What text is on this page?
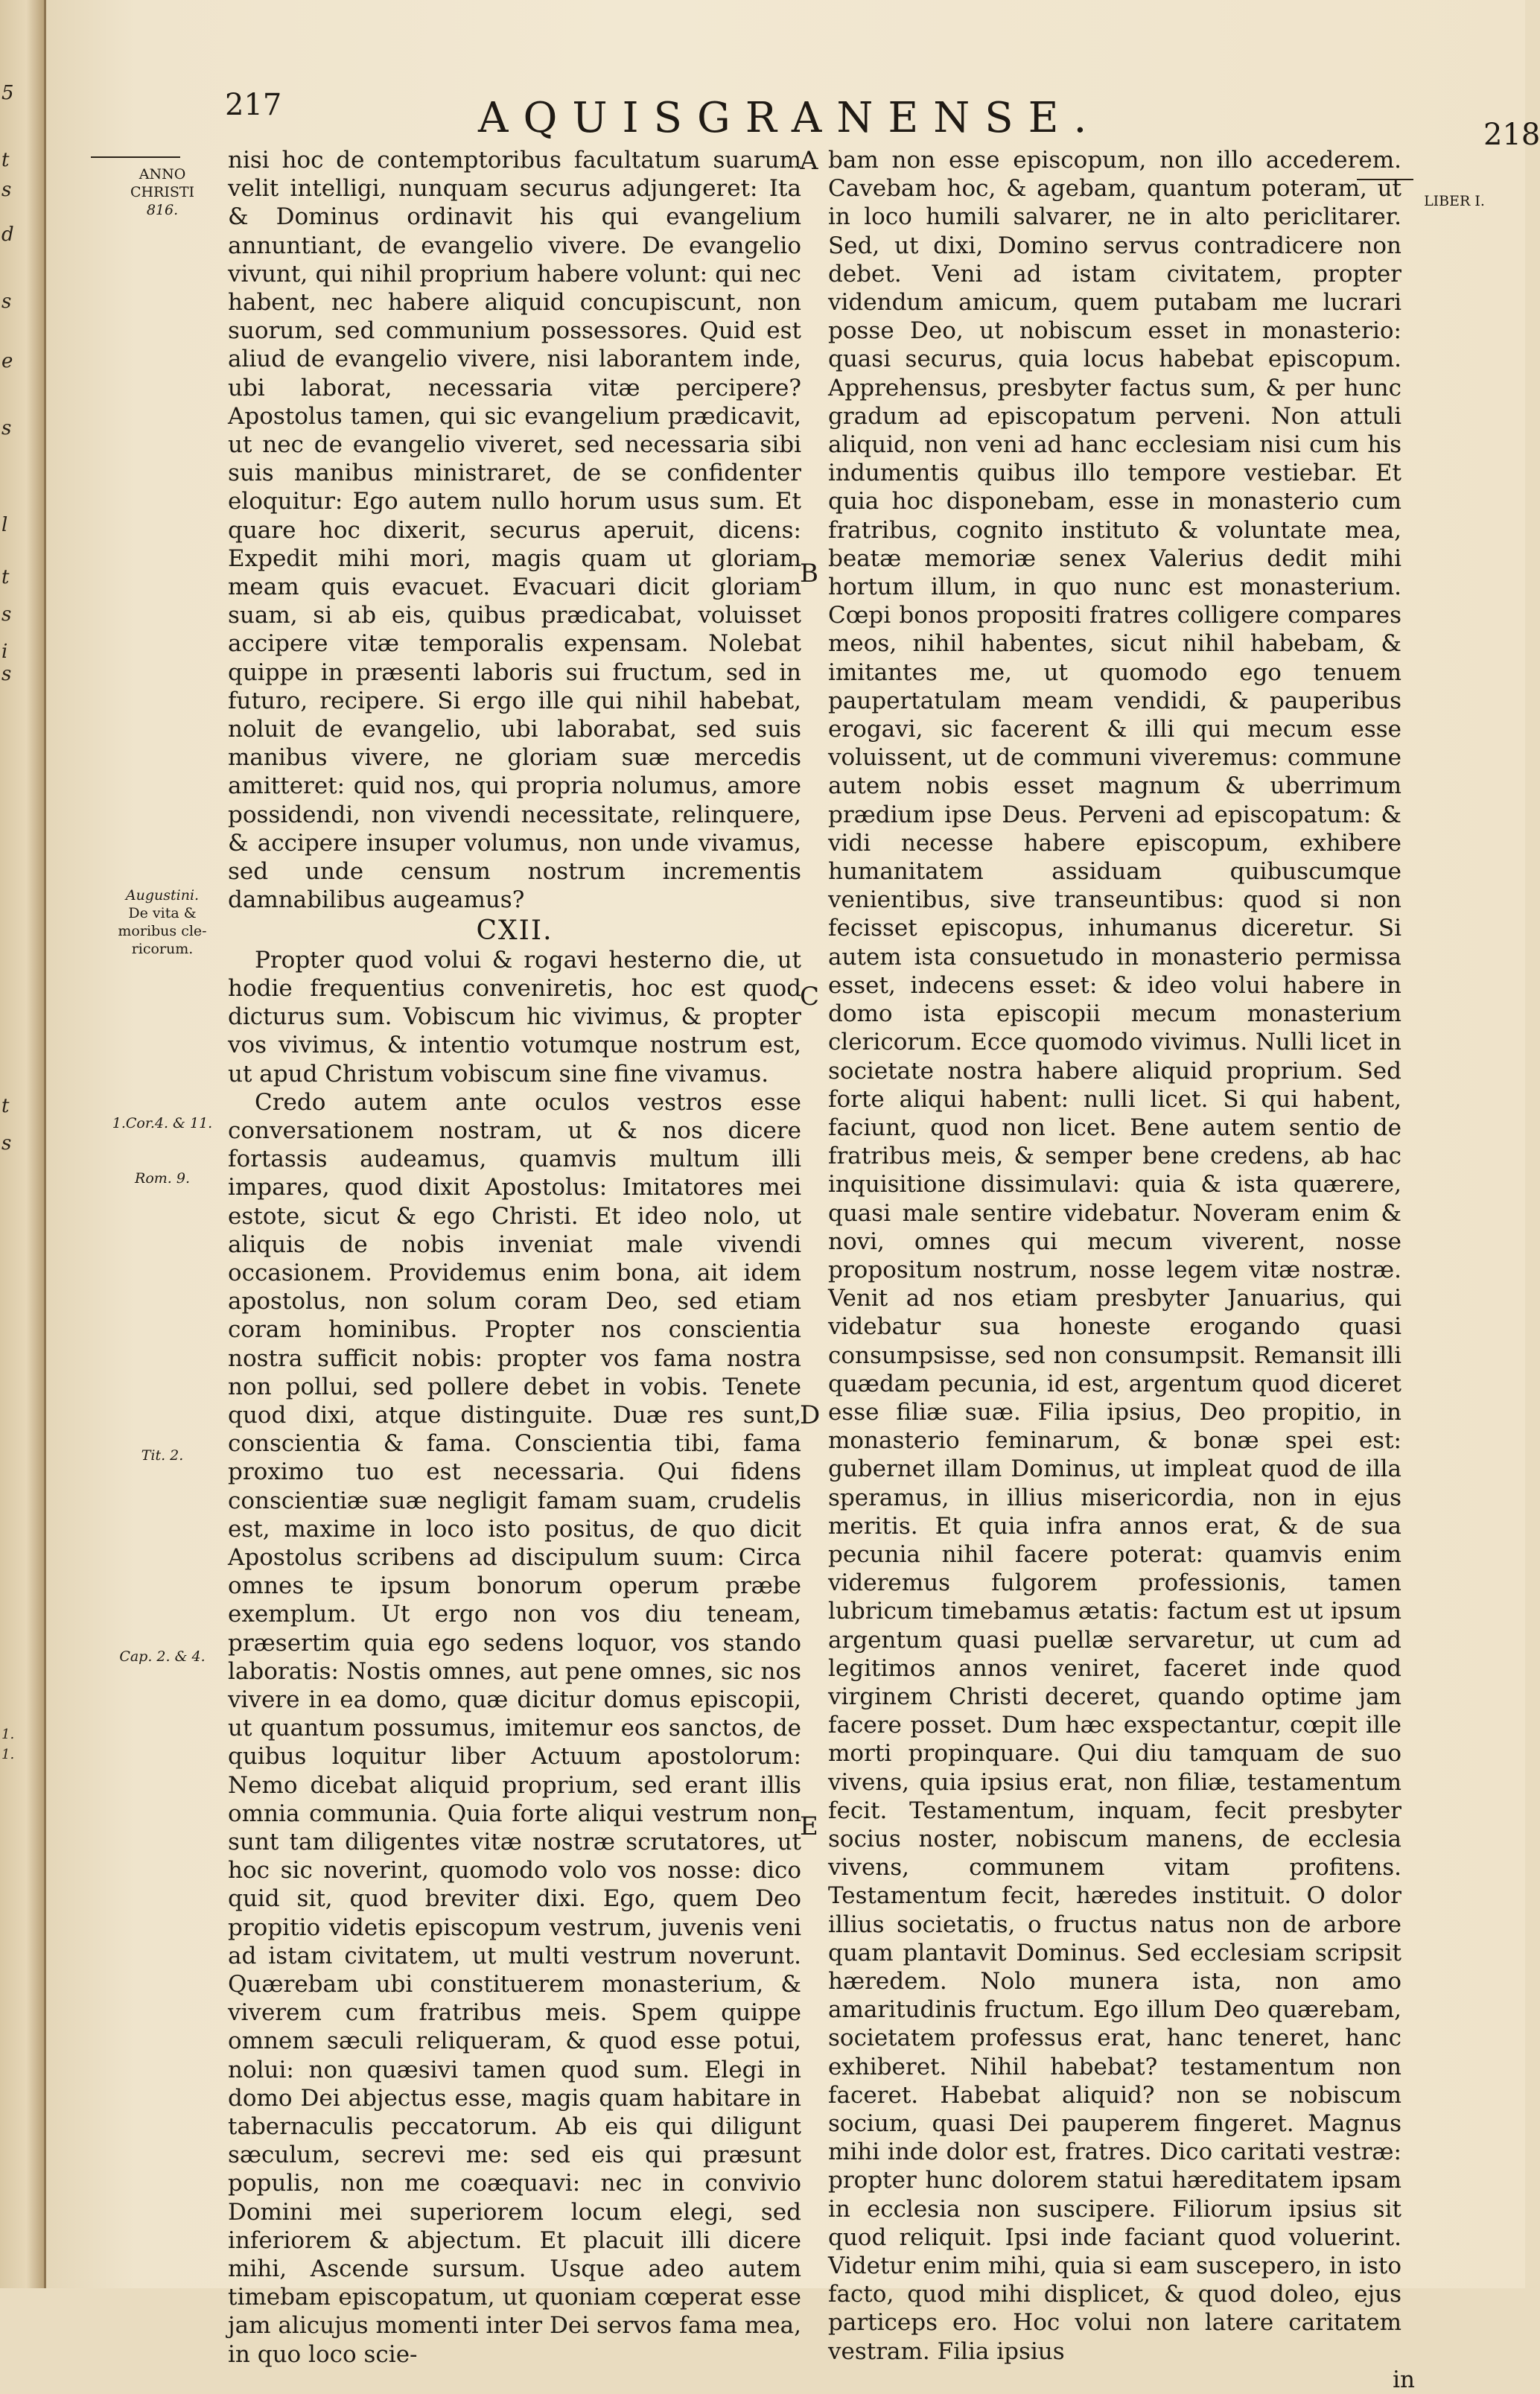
5
t
s
d
s
e
s
l
t
s
i
s
t
s
1.
1.
217	AQUISGRANENSE.	218
ANNO
CHRISTI
816.
Augustini.
De vita &
moribus cle-
ricorum.
1.Cor.4. & 11.
Rom. 9.
Tit. 2.
Cap. 2. & 4.
LIBER I.
A
B
C
D
E

nisi hoc de contemptoribus facultatum suarum velit intelligi, nunquam securus adjungeret: Ita & Dominus ordinavit his qui evangelium annuntiant, de evangelio vivere. De evangelio vivunt, qui nihil proprium habere volunt: qui nec habent, nec habere aliquid concupiscunt, non suorum, sed communium possessores. Quid est aliud de evangelio vivere, nisi laborantem inde, ubi laborat, necessaria vitæ percipere? Apostolus tamen, qui sic evangelium prædicavit, ut nec de evangelio viveret, sed necessaria sibi suis manibus ministraret, de se confidenter eloquitur: Ego autem nullo horum usus sum. Et quare hoc dixerit, securus aperuit, dicens: Expedit mihi mori, magis quam ut gloriam meam quis evacuet. Evacuari dicit gloriam suam, si ab eis, quibus prædicabat, voluisset accipere vitæ temporalis expensam. Nolebat quippe in præsenti laboris sui fructum, sed in futuro, recipere. Si ergo ille qui nihil habebat, noluit de evangelio, ubi laborabat, sed suis manibus vivere, ne gloriam suæ mercedis amitteret: quid nos, qui propria nolumus, amore possidendi, non vivendi necessitate, relinquere, & accipere insuper volumus, non unde vivamus, sed unde censum nostrum incrementis damnabilibus augeamus?

CXII.

Propter quod volui & rogavi hesterno die, ut hodie frequentius conveniretis, hoc est quod dicturus sum. Vobiscum hic vivimus, & propter vos vivimus, & intentio votumque nostrum est, ut apud Christum vobiscum sine fine vivamus.

Credo autem ante oculos vestros esse conversationem nostram, ut & nos dicere fortassis audeamus, quamvis multum illi impares, quod dixit Apostolus: Imitatores mei estote, sicut & ego Christi. Et ideo nolo, ut aliquis de nobis inveniat male vivendi occasionem. Providemus enim bona, ait idem apostolus, non solum coram Deo, sed etiam coram hominibus. Propter nos conscientia nostra sufficit nobis: propter vos fama nostra non pollui, sed pollere debet in vobis. Tenete quod dixi, atque distinguite. Duæ res sunt, conscientia & fama. Conscientia tibi, fama proximo tuo est necessaria. Qui fidens conscientiæ suæ negligit famam suam, crudelis est, maxime in loco isto positus, de quo dicit Apostolus scribens ad discipulum suum: Circa omnes te ipsum bonorum operum præbe exemplum. Ut ergo non vos diu teneam, præsertim quia ego sedens loquor, vos stando laboratis: Nostis omnes, aut pene omnes, sic nos vivere in ea domo, quæ dicitur domus episcopii, ut quantum possumus, imitemur eos sanctos, de quibus loquitur liber Actuum apostolorum: Nemo dicebat aliquid proprium, sed erant illis omnia communia. Quia forte aliqui vestrum non sunt tam diligentes vitæ nostræ scrutatores, ut hoc sic noverint, quomodo volo vos nosse: dico quid sit, quod breviter dixi. Ego, quem Deo propitio videtis episcopum vestrum, juvenis veni ad istam civitatem, ut multi vestrum noverunt. Quærebam ubi constituerem monasterium, & viverem cum fratribus meis. Spem quippe omnem sæculi reliqueram, & quod esse potui, nolui: non quæsivi tamen quod sum. Elegi in domo Dei abjectus esse, magis quam habitare in tabernaculis peccatorum. Ab eis qui diligunt sæculum, secrevi me: sed eis qui præsunt populis, non me coæquavi: nec in convivio Domini mei superiorem locum elegi, sed inferiorem & abjectum. Et placuit illi dicere mihi, Ascende sursum. Usque adeo autem timebam episcopatum, ut quoniam cœperat esse jam alicujus momenti inter Dei servos fama mea, in quo loco scie-

bam non esse episcopum, non illo accederem. Cavebam hoc, & agebam, quantum poteram, ut in loco humili salvarer, ne in alto periclitarer. Sed, ut dixi, Domino servus contradicere non debet. Veni ad istam civitatem, propter videndum amicum, quem putabam me lucrari posse Deo, ut nobiscum esset in monasterio: quasi securus, quia locus habebat episcopum. Apprehensus, presbyter factus sum, & per hunc gradum ad episcopatum perveni. Non attuli aliquid, non veni ad hanc ecclesiam nisi cum his indumentis quibus illo tempore vestiebar. Et quia hoc disponebam, esse in monasterio cum fratribus, cognito instituto & voluntate mea, beatæ memoriæ senex Valerius dedit mihi hortum illum, in quo nunc est monasterium. Cœpi bonos propositi fratres colligere compares meos, nihil habentes, sicut nihil habebam, & imitantes me, ut quomodo ego tenuem paupertatulam meam vendidi, & pauperibus erogavi, sic facerent & illi qui mecum esse voluissent, ut de communi viveremus: commune autem nobis esset magnum & uberrimum prædium ipse Deus. Perveni ad episcopatum: & vidi necesse habere episcopum, exhibere humanitatem assiduam quibuscumque venientibus, sive transeuntibus: quod si non fecisset episcopus, inhumanus diceretur. Si autem ista consuetudo in monasterio permissa esset, indecens esset: & ideo volui habere in domo ista episcopii mecum monasterium clericorum. Ecce quomodo vivimus. Nulli licet in societate nostra habere aliquid proprium. Sed forte aliqui habent: nulli licet. Si qui habent, faciunt, quod non licet. Bene autem sentio de fratribus meis, & semper bene credens, ab hac inquisitione dissimulavi: quia & ista quærere, quasi male sentire videbatur. Noveram enim & novi, omnes qui mecum viverent, nosse propositum nostrum, nosse legem vitæ nostræ. Venit ad nos etiam presbyter Januarius, qui videbatur sua honeste erogando quasi consumpsisse, sed non consumpsit. Remansit illi quædam pecunia, id est, argentum quod diceret esse filiæ suæ. Filia ipsius, Deo propitio, in monasterio feminarum, & bonæ spei est: gubernet illam Dominus, ut impleat quod de illa speramus, in illius misericordia, non in ejus meritis. Et quia infra annos erat, & de sua pecunia nihil facere poterat: quamvis enim videremus fulgorem professionis, tamen lubricum timebamus ætatis: factum est ut ipsum argentum quasi puellæ servaretur, ut cum ad legitimos annos veniret, faceret inde quod virginem Christi deceret, quando optime jam facere posset. Dum hæc exspectantur, cœpit ille morti propinquare. Qui diu tamquam de suo vivens, quia ipsius erat, non filiæ, testamentum fecit. Testamentum, inquam, fecit presbyter socius noster, nobiscum manens, de ecclesia vivens, communem vitam profitens. Testamentum fecit, hæredes instituit. O dolor illius societatis, o fructus natus non de arbore quam plantavit Dominus. Sed ecclesiam scripsit hæredem. Nolo munera ista, non amo amaritudinis fructum. Ego illum Deo quærebam, societatem professus erat, hanc teneret, hanc exhiberet. Nihil habebat? testamentum non faceret. Habebat aliquid? non se nobiscum socium, quasi Dei pauperem fingeret. Magnus mihi inde dolor est, fratres. Dico caritati vestræ: propter hunc dolorem statui hæreditatem ipsam in ecclesia non suscipere. Filiorum ipsius sit quod reliquit. Ipsi inde faciant quod voluerint. Videtur enim mihi, quia si eam suscepero, in isto facto, quod mihi displicet, & quod doleo, ejus particeps ero. Hoc volui non latere caritatem vestram. Filia ipsius

in
